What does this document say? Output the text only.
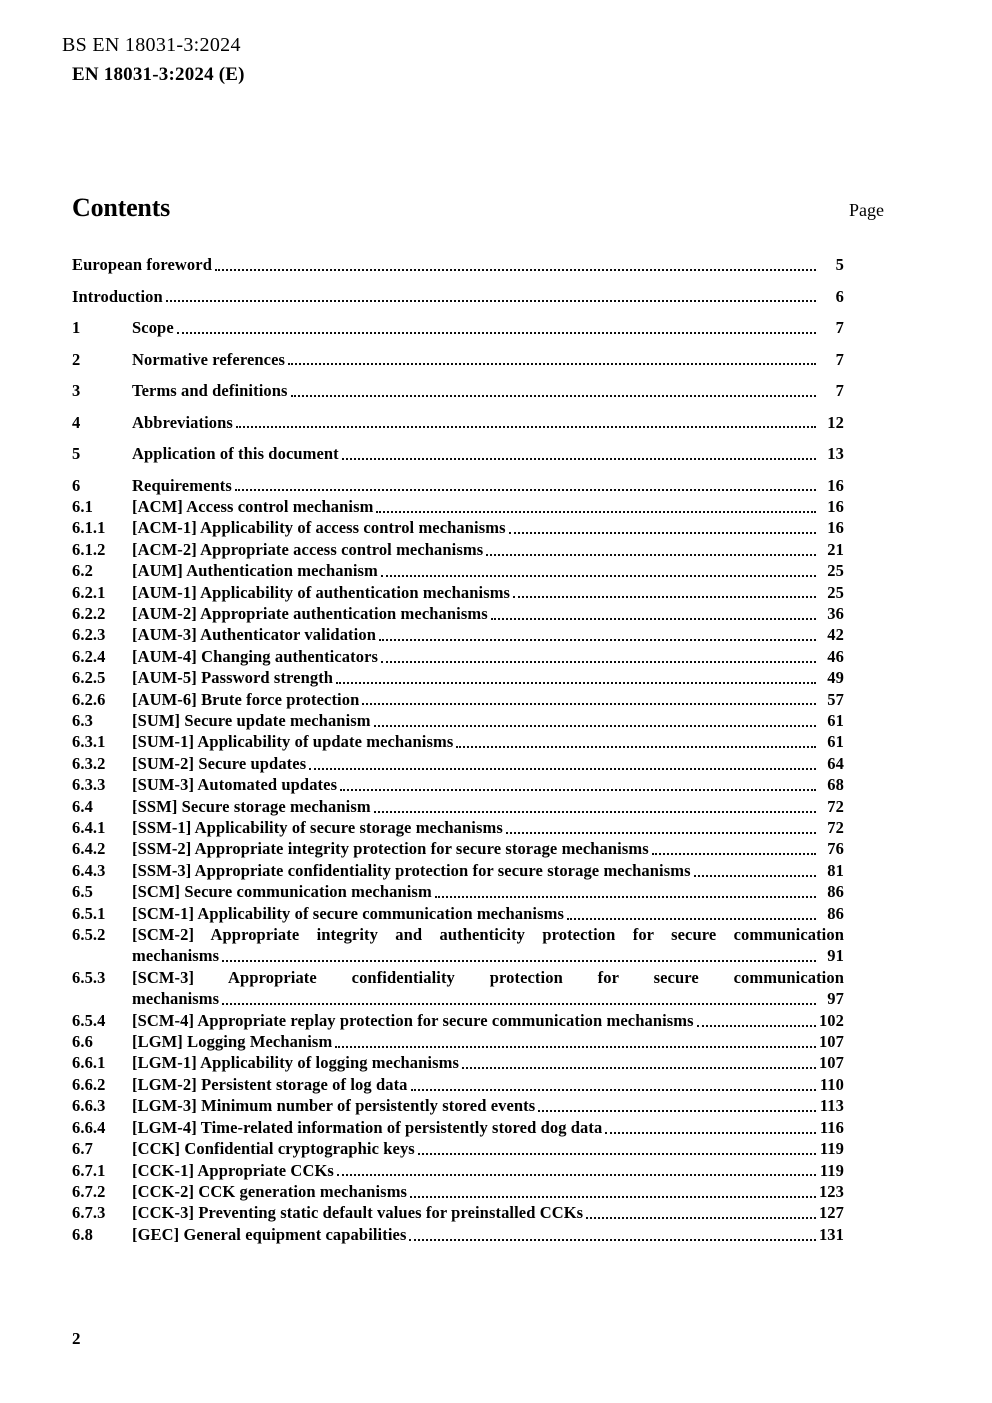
BS EN 18031-3:2024
EN 18031-3:2024 (E)
Contents	Page
European foreword	5
Introduction	6
1	Scope	7
2	Normative references	7
3	Terms and definitions	7
4	Abbreviations	12
5	Application of this document	13
6	Requirements	16
6.1	[ACM] Access control mechanism	16
6.1.1	[ACM-1] Applicability of access control mechanisms	16
6.1.2	[ACM-2] Appropriate access control mechanisms	21
6.2	[AUM] Authentication mechanism	25
6.2.1	[AUM-1] Applicability of authentication mechanisms	25
6.2.2	[AUM-2] Appropriate authentication mechanisms	36
6.2.3	[AUM-3] Authenticator validation	42
6.2.4	[AUM-4] Changing authenticators	46
6.2.5	[AUM-5] Password strength	49
6.2.6	[AUM-6] Brute force protection	57
6.3	[SUM] Secure update mechanism	61
6.3.1	[SUM-1] Applicability of update mechanisms	61
6.3.2	[SUM-2] Secure updates	64
6.3.3	[SUM-3] Automated updates	68
6.4	[SSM] Secure storage mechanism	72
6.4.1	[SSM-1] Applicability of secure storage mechanisms	72
6.4.2	[SSM-2] Appropriate integrity protection for secure storage mechanisms	76
6.4.3	[SSM-3] Appropriate confidentiality protection for secure storage mechanisms	81
6.5	[SCM] Secure communication mechanism	86
6.5.1	[SCM-1] Applicability of secure communication mechanisms	86
6.5.2	[SCM-2] Appropriate integrity and authenticity protection for secure communication
mechanisms	91
6.5.3	[SCM-3] Appropriate confidentiality protection for secure communication
mechanisms	97
6.5.4	[SCM-4] Appropriate replay protection for secure communication mechanisms	102
6.6	[LGM] Logging Mechanism	107
6.6.1	[LGM-1] Applicability of logging mechanisms	107
6.6.2	[LGM-2] Persistent storage of log data	110
6.6.3	[LGM-3] Minimum number of persistently stored events	113
6.6.4	[LGM-4] Time-related information of persistently stored dog data	116
6.7	[CCK] Confidential cryptographic keys	119
6.7.1	[CCK-1] Appropriate CCKs	119
6.7.2	[CCK-2] CCK generation mechanisms	123
6.7.3	[CCK-3] Preventing static default values for preinstalled CCKs	127
6.8	[GEC] General equipment capabilities	131
2
